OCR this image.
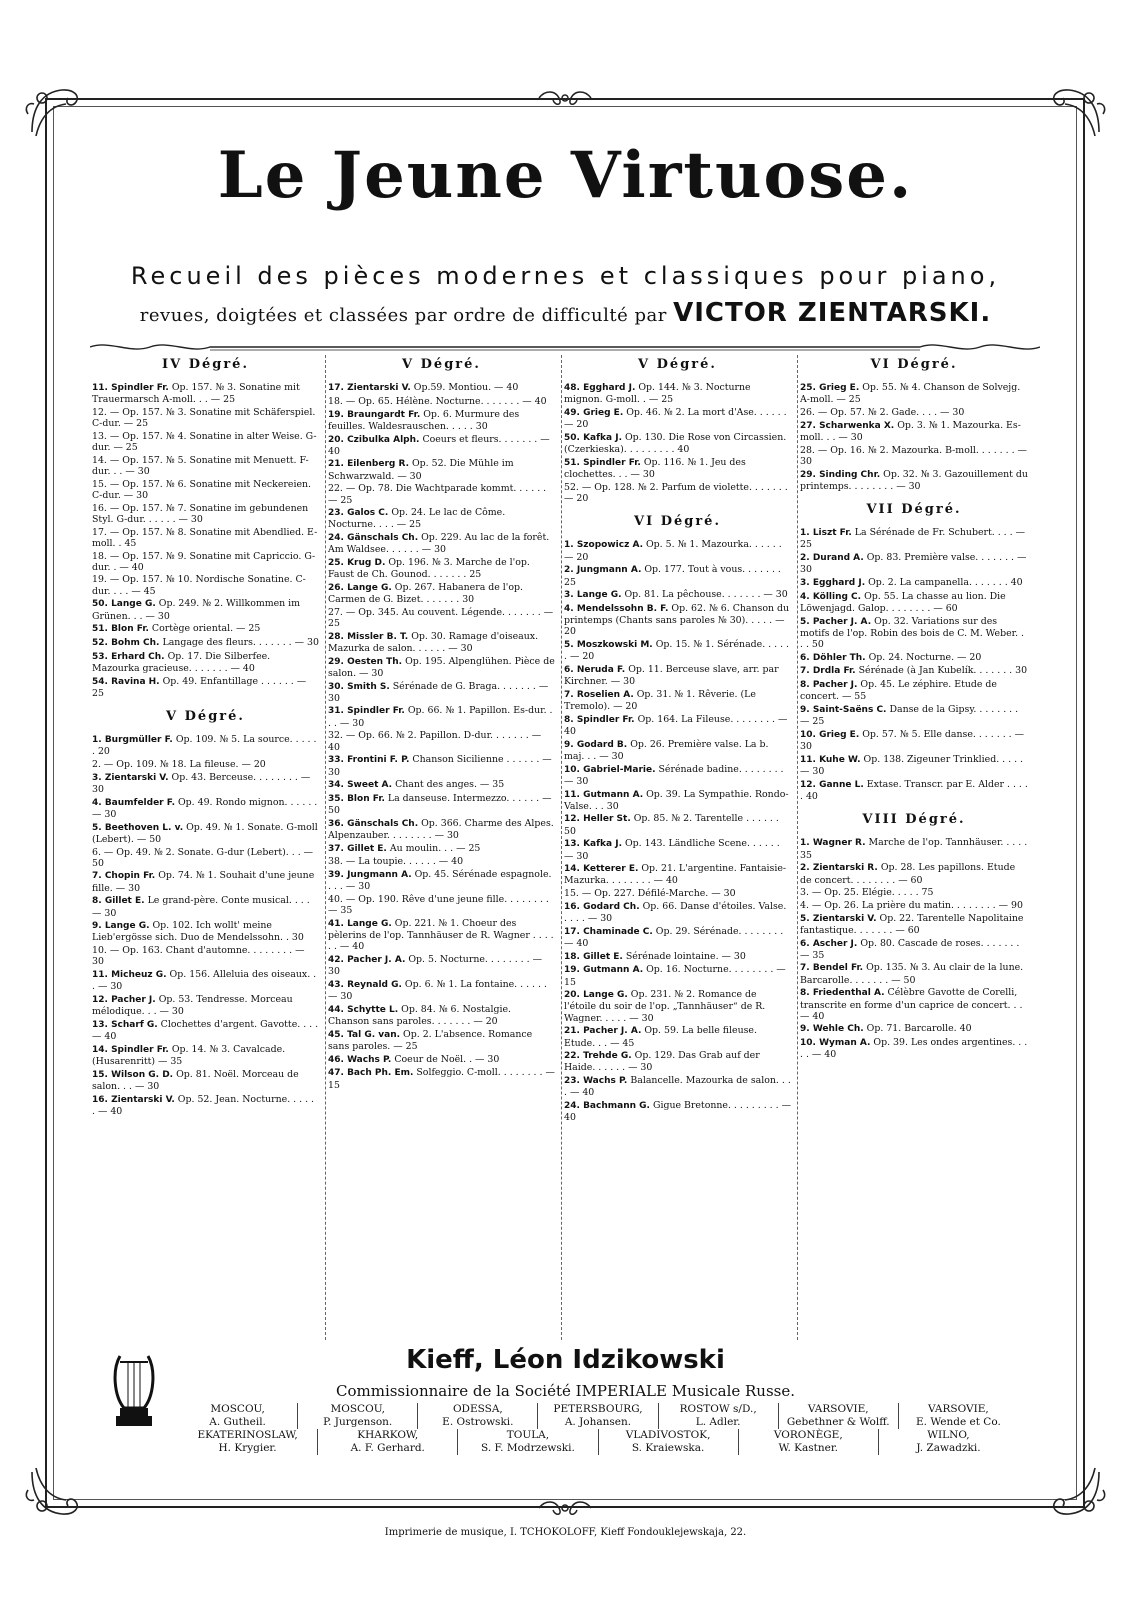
Le Jeune Virtuose.
Recueil des pièces modernes et classiques pour piano,
revues, doigtées et classées par ordre de difficulté par VICTOR ZIENTARSKI.
IV Dégré.
11. Spindler Fr. Op. 157. № 3. Sonatine mit Trauermarsch A-moll. . . — 25
12. — Op. 157. № 3. Sonatine mit Schäferspiel. C-dur. — 25
13. — Op. 157. № 4. Sonatine in alter Weise. G-dur. — 25
14. — Op. 157. № 5. Sonatine mit Menuett. F-dur. . . — 30
15. — Op. 157. № 6. Sonatine mit Neckereien. C-dur. — 30
16. — Op. 157. № 7. Sonatine im gebundenen Styl. G-dur. . . . . . — 30
17. — Op. 157. № 8. Sonatine mit Abendlied. E-moll. . 45
18. — Op. 157. № 9. Sonatine mit Capriccio. G-dur. . — 40
19. — Op. 157. № 10. Nordische Sonatine. C-dur. . . . — 45
50. Lange G. Op. 249. № 2. Willkommen im Grünen. . . — 30
51. Blon Fr. Cortège oriental. — 25
52. Bohm Ch. Langage des fleurs. . . . . . . — 30
53. Erhard Ch. Op. 17. Die Silberfee. Mazourka gracieuse. . . . . . . — 40
54. Ravina H. Op. 49. Enfantillage . . . . . . — 25
V Dégré.
1. Burgmüller F. Op. 109. № 5. La source. . . . . . 20
2. — Op. 109. № 18. La fileuse. — 20
3. Zientarski V. Op. 43. Berceuse. . . . . . . . — 30
4. Baumfelder F. Op. 49. Rondo mignon. . . . . . — 30
5. Beethoven L. v. Op. 49. № 1. Sonate. G-moll (Lebert). — 50
6. — Op. 49. № 2. Sonate. G-dur (Lebert). . . — 50
7. Chopin Fr. Op. 74. № 1. Souhait d'une jeune fille. — 30
8. Gillet E. Le grand-père. Conte musical. . . . — 30
9. Lange G. Op. 102. Ich wollt' meine Lieb'ergösse sich. Duo de Mendelssohn. . 30
10. — Op. 163. Chant d'automne. . . . . . . . — 30
11. Micheuz G. Op. 156. Alleluia des oiseaux. . . — 30
12. Pacher J. Op. 53. Tendresse. Morceau mélodique. . . — 30
13. Scharf G. Clochettes d'argent. Gavotte. . . . — 40
14. Spindler Fr. Op. 14. № 3. Cavalcade. (Husarenritt) — 35
15. Wilson G. D. Op. 81. Noël. Morceau de salon. . . — 30
16. Zientarski V. Op. 52. Jean. Nocturne. . . . . . — 40
V Dégré.
17. Zientarski V. Op.59. Montiou. — 40
18. — Op. 65. Hélène. Nocturne. . . . . . . — 40
19. Braungardt Fr. Op. 6. Murmure des feuilles. Waldesrauschen. . . . . 30
20. Czibulka Alph. Coeurs et fleurs. . . . . . . — 40
21. Eilenberg R. Op. 52. Die Mühle im Schwarzwald. — 30
22. — Op. 78. Die Wachtparade kommt. . . . . . — 25
23. Galos C. Op. 24. Le lac de Côme. Nocturne. . . . — 25
24. Gänschals Ch. Op. 229. Au lac de la forêt. Am Waldsee. . . . . . — 30
25. Krug D. Op. 196. № 3. Marche de l'op. Faust de Ch. Gounod. . . . . . . 25
26. Lange G. Op. 267. Habanera de l'op. Carmen de G. Bizet. . . . . . . 30
27. — Op. 345. Au couvent. Légende. . . . . . . — 25
28. Missler B. T. Op. 30. Ramage d'oiseaux. Mazurka de salon. . . . . . — 30
29. Oesten Th. Op. 195. Alpenglühen. Pièce de salon. — 30
30. Smith S. Sérénade de G. Braga. . . . . . . — 30
31. Spindler Fr. Op. 66. № 1. Papillon. Es-dur. . . . — 30
32. — Op. 66. № 2. Papillon. D-dur. . . . . . . — 40
33. Frontini F. P. Chanson Sicilienne . . . . . . — 30
34. Sweet A. Chant des anges. — 35
35. Blon Fr. La danseuse. Intermezzo. . . . . . — 50
36. Gänschals Ch. Op. 366. Charme des Alpes. Alpenzauber. . . . . . . . — 30
37. Gillet E. Au moulin. . . — 25
38. — La toupie. . . . . . — 40
39. Jungmann A. Op. 45. Sérénade espagnole. . . . — 30
40. — Op. 190. Rêve d'une jeune fille. . . . . . . . — 35
41. Lange G. Op. 221. № 1. Choeur des pèlerins de l'op. Tannhäuser de R. Wagner . . . . . . — 40
42. Pacher J. A. Op. 5. Nocturne. . . . . . . . — 30
43. Reynald G. Op. 6. № 1. La fontaine. . . . . . — 30
44. Schytte L. Op. 84. № 6. Nostalgie. Chanson sans paroles. . . . . . . — 20
45. Tal G. van. Op. 2. L'absence. Romance sans paroles. — 25
46. Wachs P. Coeur de Noël. . — 30
47. Bach Ph. Em. Solfeggio. C-moll. . . . . . . . — 15
V Dégré.
48. Egghard J. Op. 144. № 3. Nocturne mignon. G-moll. . — 25
49. Grieg E. Op. 46. № 2. La mort d'Ase. . . . . . — 20
50. Kafka J. Op. 130. Die Rose von Circassien. (Czerkieska). . . . . . . . . 40
51. Spindler Fr. Op. 116. № 1. Jeu des clochettes. . . — 30
52. — Op. 128. № 2. Parfum de violette. . . . . . . — 20
VI Dégré.
1. Szopowicz A. Op. 5. № 1. Mazourka. . . . . . — 20
2. Jungmann A. Op. 177. Tout à vous. . . . . . . 25
3. Lange G. Op. 81. La pêchouse. . . . . . . — 30
4. Mendelssohn B. F. Op. 62. № 6. Chanson du printemps (Chants sans paroles № 30). . . . . — 20
5. Moszkowski M. Op. 15. № 1. Sérénade. . . . . . — 20
6. Neruda F. Op. 11. Berceuse slave, arr. par Kirchner. — 30
7. Roselien A. Op. 31. № 1. Rêverie. (Le Tremolo). — 20
8. Spindler Fr. Op. 164. La Fileuse. . . . . . . . — 40
9. Godard B. Op. 26. Première valse. La b. maj. . . — 30
10. Gabriel-Marie. Sérénade badine. . . . . . . . — 30
11. Gutmann A. Op. 39. La Sympathie. Rondo-Valse. . . 30
12. Heller St. Op. 85. № 2. Tarentelle . . . . . . 50
13. Kafka J. Op. 143. Ländliche Scene. . . . . . — 30
14. Ketterer E. Op. 21. L'argentine. Fantaisie-Mazurka. . . . . . . . — 40
15. — Op. 227. Défilé-Marche. — 30
16. Godard Ch. Op. 66. Danse d'étoiles. Valse. . . . . — 30
17. Chaminade C. Op. 29. Sérénade. . . . . . . . — 40
18. Gillet E. Sérénade lointaine. — 30
19. Gutmann A. Op. 16. Nocturne. . . . . . . . — 15
20. Lange G. Op. 231. № 2. Romance de l'étoile du soir de l'op. „Tannhäuser“ de R. Wagner. . . . . — 30
21. Pacher J. A. Op. 59. La belle fileuse. Etude. . . — 45
22. Trehde G. Op. 129. Das Grab auf der Haide. . . . . . — 30
23. Wachs P. Balancelle. Mazourka de salon. . . . — 40
24. Bachmann G. Gigue Bretonne. . . . . . . . . — 40
VI Dégré.
25. Grieg E. Op. 55. № 4. Chanson de Solvejg. A-moll. — 25
26. — Op. 57. № 2. Gade. . . . — 30
27. Scharwenka X. Op. 3. № 1. Mazourka. Es-moll. . . — 30
28. — Op. 16. № 2. Mazourka. B-moll. . . . . . . — 30
29. Sinding Chr. Op. 32. № 3. Gazouillement du printemps. . . . . . . . — 30
VII Dégré.
1. Liszt Fr. La Sérénade de Fr. Schubert. . . . — 25
2. Durand A. Op. 83. Première valse. . . . . . . — 30
3. Egghard J. Op. 2. La campanella. . . . . . . 40
4. Kölling C. Op. 55. La chasse au lion. Die Löwenjagd. Galop. . . . . . . . — 60
5. Pacher J. A. Op. 32. Variations sur des motifs de l'op. Robin des bois de C. M. Weber. . . . 50
6. Döhler Th. Op. 24. Nocturne. — 20
7. Drdla Fr. Sérénade (à Jan Kubelík. . . . . . . 30
8. Pacher J. Op. 45. Le zéphire. Etude de concert. — 55
9. Saint-Saëns C. Danse de la Gipsy. . . . . . . . — 25
10. Grieg E. Op. 57. № 5. Elle danse. . . . . . . — 30
11. Kuhe W. Op. 138. Zigeuner Trinklied. . . . . — 30
12. Ganne L. Extase. Transcr. par E. Alder . . . . . 40
VIII Dégré.
1. Wagner R. Marche de l'op. Tannhäuser. . . . . 35
2. Zientarski R. Op. 28. Les papillons. Etude de concert. . . . . . . . — 60
3. — Op. 25. Elégie. . . . . 75
4. — Op. 26. La prière du matin. . . . . . . . — 90
5. Zientarski V. Op. 22. Tarentelle Napolitaine fantastique. . . . . . . — 60
6. Ascher J. Op. 80. Cascade de roses. . . . . . . — 35
7. Bendel Fr. Op. 135. № 3. Au clair de la lune. Barcarolle. . . . . . . — 50
8. Friedenthal A. Célèbre Gavotte de Corelli, transcrite en forme d'un caprice de concert. . . — 40
9. Wehle Ch. Op. 71. Barcarolle. 40
10. Wyman A. Op. 39. Les ondes argentines. . . . . — 40
Kieff, Léon Idzikowski
Commissionnaire de la Société IMPERIALE Musicale Russe.
MOSCOU,	MOSCOU,	ODESSA,	PETERSBOURG,	ROSTOW s/D.,	VARSOVIE,	VARSOVIE,
A. Gutheil.	P. Jurgenson.	E. Ostrowski.	A. Johansen.	L. Adler.	Gebethner & Wolff.	E. Wende et Co.
EKATERINOSLAW,	KHARKOW,	TOULA,	VLADIVOSTOK,	VORONÈGE,	WILNO,
H. Krygier.	A. F. Gerhard.	S. F. Modrzewski.	S. Kraiewska.	W. Kastner.	J. Zawadzki.
Imprimerie de musique, I. TCHOKOLOFF, Kieff Fondouklejewskaja, 22.
